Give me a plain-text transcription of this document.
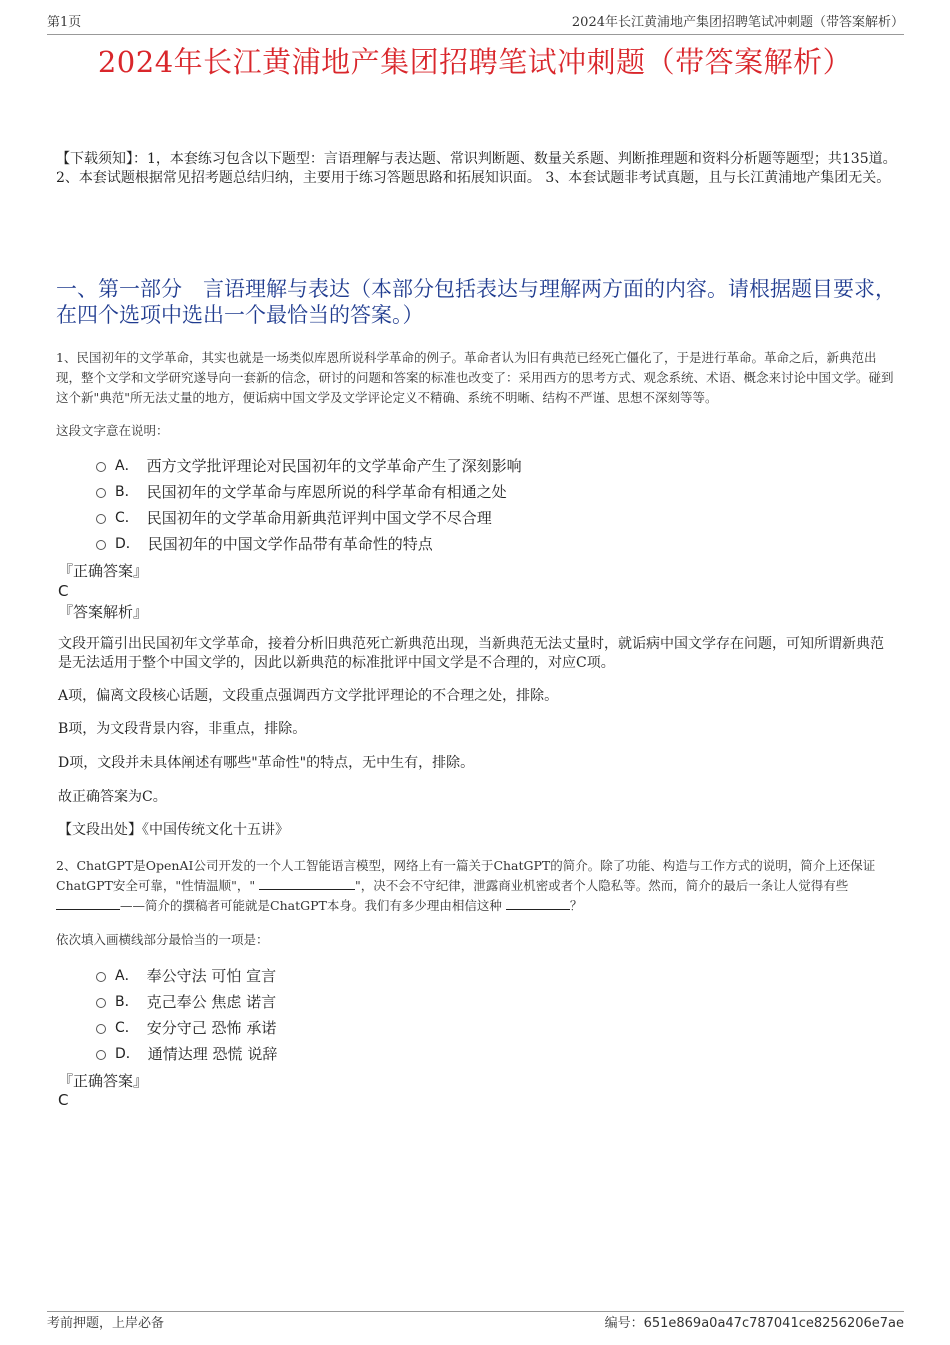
第1页	2024年长江黄浦地产集团招聘笔试冲刺题（带答案解析）
2024年长江黄浦地产集团招聘笔试冲刺题（带答案解析）
【下载须知】：1，本套练习包含以下题型：言语理解与表达题、常识判断题、数量关系题、判断推理题和资料分析题等题型；共135道。 2、本套试题根据常见招考题总结归纳，主要用于练习答题思路和拓展知识面。 3、本套试题非考试真题，且与长江黄浦地产集团无关。
一、第一部分　言语理解与表达（本部分包括表达与理解两方面的内容。请根据题目要求，在四个选项中选出一个最恰当的答案。）
1、民国初年的文学革命，其实也就是一场类似库恩所说科学革命的例子。革命者认为旧有典范已经死亡僵化了，于是进行革命。革命之后，新典范出现，整个文学和文学研究遂导向一套新的信念，研讨的问题和答案的标准也改变了：采用西方的思考方式、观念系统、术语、概念来讨论中国文学。碰到这个新"典范"所无法丈量的地方，便诟病中国文学及文学评论定义不精确、系统不明晰、结构不严谨、思想不深刻等等。
这段文字意在说明：
A． 西方文学批评理论对民国初年的文学革命产生了深刻影响
B． 民国初年的文学革命与库恩所说的科学革命有相通之处
C． 民国初年的文学革命用新典范评判中国文学不尽合理
D． 民国初年的中国文学作品带有革命性的特点
『正确答案』
C
『答案解析』
文段开篇引出民国初年文学革命，接着分析旧典范死亡新典范出现，当新典范无法丈量时，就诟病中国文学存在问题，可知所谓新典范是无法适用于整个中国文学的，因此以新典范的标准批评中国文学是不合理的，对应C项。
A项，偏离文段核心话题，文段重点强调西方文学批评理论的不合理之处，排除。
B项，为文段背景内容，非重点，排除。
D项，文段并未具体阐述有哪些"革命性"的特点，无中生有，排除。
故正确答案为C。
【文段出处】《中国传统文化十五讲》
2、ChatGPT是OpenAI公司开发的一个人工智能语言模型，网络上有一篇关于ChatGPT的简介。除了功能、构造与工作方式的说明，简介上还保证ChatGPT安全可靠，"性情温顺"，"	"，决不会不守纪律，泄露商业机密或者个人隐私等。然而，简介的最后一条让人觉得有些 ——简介的撰稿者可能就是ChatGPT本身。我们有多少理由相信这种	？
依次填入画横线部分最恰当的一项是：
A． 奉公守法 可怕 宣言
B． 克己奉公 焦虑 诺言
C． 安分守己 恐怖 承诺
D． 通情达理 恐慌 说辞
『正确答案』
C
考前押题，上岸必备	编号：651e869a0a47c787041ce8256206e7ae
